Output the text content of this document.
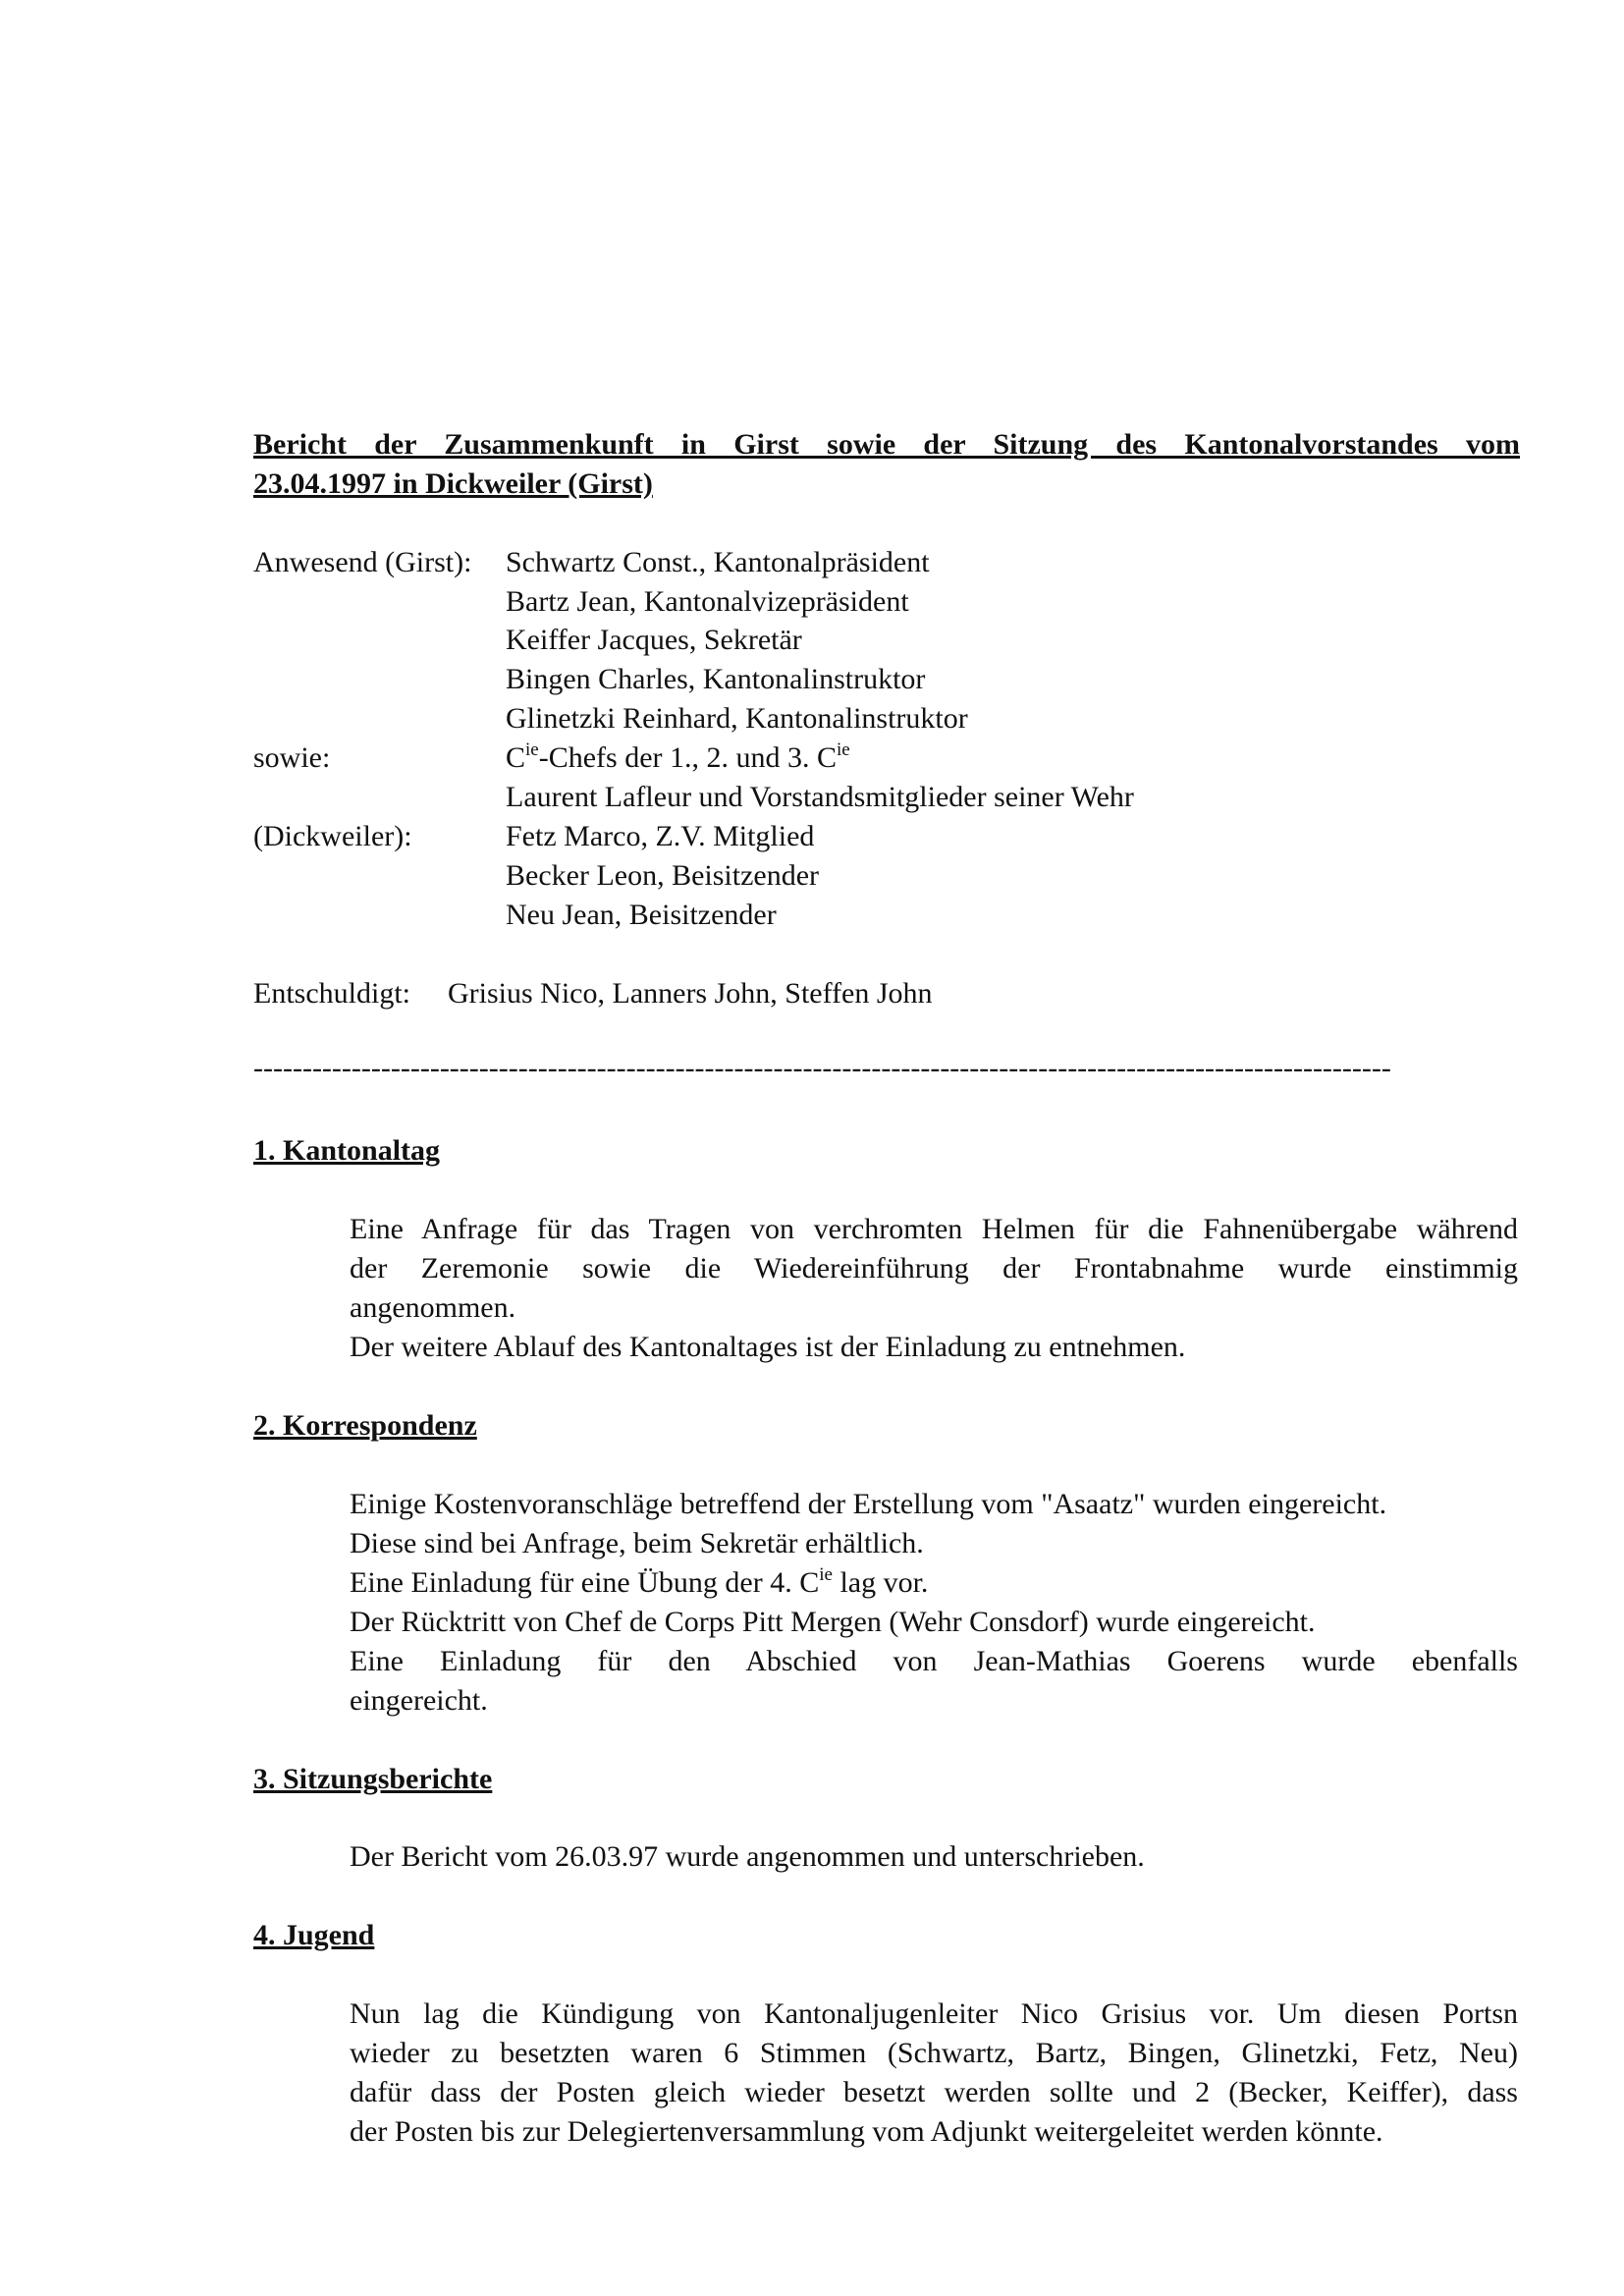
Bericht der Zusammenkunft in Girst sowie der Sitzung des Kantonalvorstandes vom
23.04.1997 in Dickweiler (Girst)
Anwesend (Girst): Schwartz Const., Kantonalpräsident
Bartz Jean, Kantonalvizepräsident
Keiffer Jacques, Sekretär
Bingen Charles, Kantonalinstruktor
Glinetzki Reinhard, Kantonalinstruktor
sowie:	$C^{ie}$-Chefs der 1., 2. und 3. $C^{ie}$
Laurent Lafleur und Vorstandsmitglieder seiner Wehr
(Dickweiler):	Fetz Marco, Z.V. Mitglied
Becker Leon, Beisitzender
Neu Jean, Beisitzender
Entschuldigt: Grisius Nico, Lanners John, Steffen John
--------------------------------------------------------------------------------------------------------------------
1. Kantonaltag
Eine Anfrage für das Tragen von verchromten Helmen für die Fahnenübergabe während
der Zeremonie sowie die Wiedereinführung der Frontabnahme wurde einstimmig
angenommen.
Der weitere Ablauf des Kantonaltages ist der Einladung zu entnehmen.
2. Korrespondenz
Einige Kostenvoranschläge betreffend der Erstellung vom "Asaatz" wurden eingereicht.
Diese sind bei Anfrage, beim Sekretär erhältlich.
Eine Einladung für eine Übung der 4. $C^{ie}$ lag vor.
Der Rücktritt von Chef de Corps Pitt Mergen (Wehr Consdorf) wurde eingereicht.
Eine Einladung für den Abschied von Jean-Mathias Goerens wurde ebenfalls
eingereicht.
3. Sitzungsberichte
Der Bericht vom 26.03.97 wurde angenommen und unterschrieben.
4. Jugend
Nun lag die Kündigung von Kantonaljugenleiter Nico Grisius vor. Um diesen Portsn
wieder zu besetzten waren 6 Stimmen (Schwartz, Bartz, Bingen, Glinetzki, Fetz, Neu)
dafür dass der Posten gleich wieder besetzt werden sollte und 2 (Becker, Keiffer), dass
der Posten bis zur Delegiertenversammlung vom Adjunkt weitergeleitet werden könnte.
